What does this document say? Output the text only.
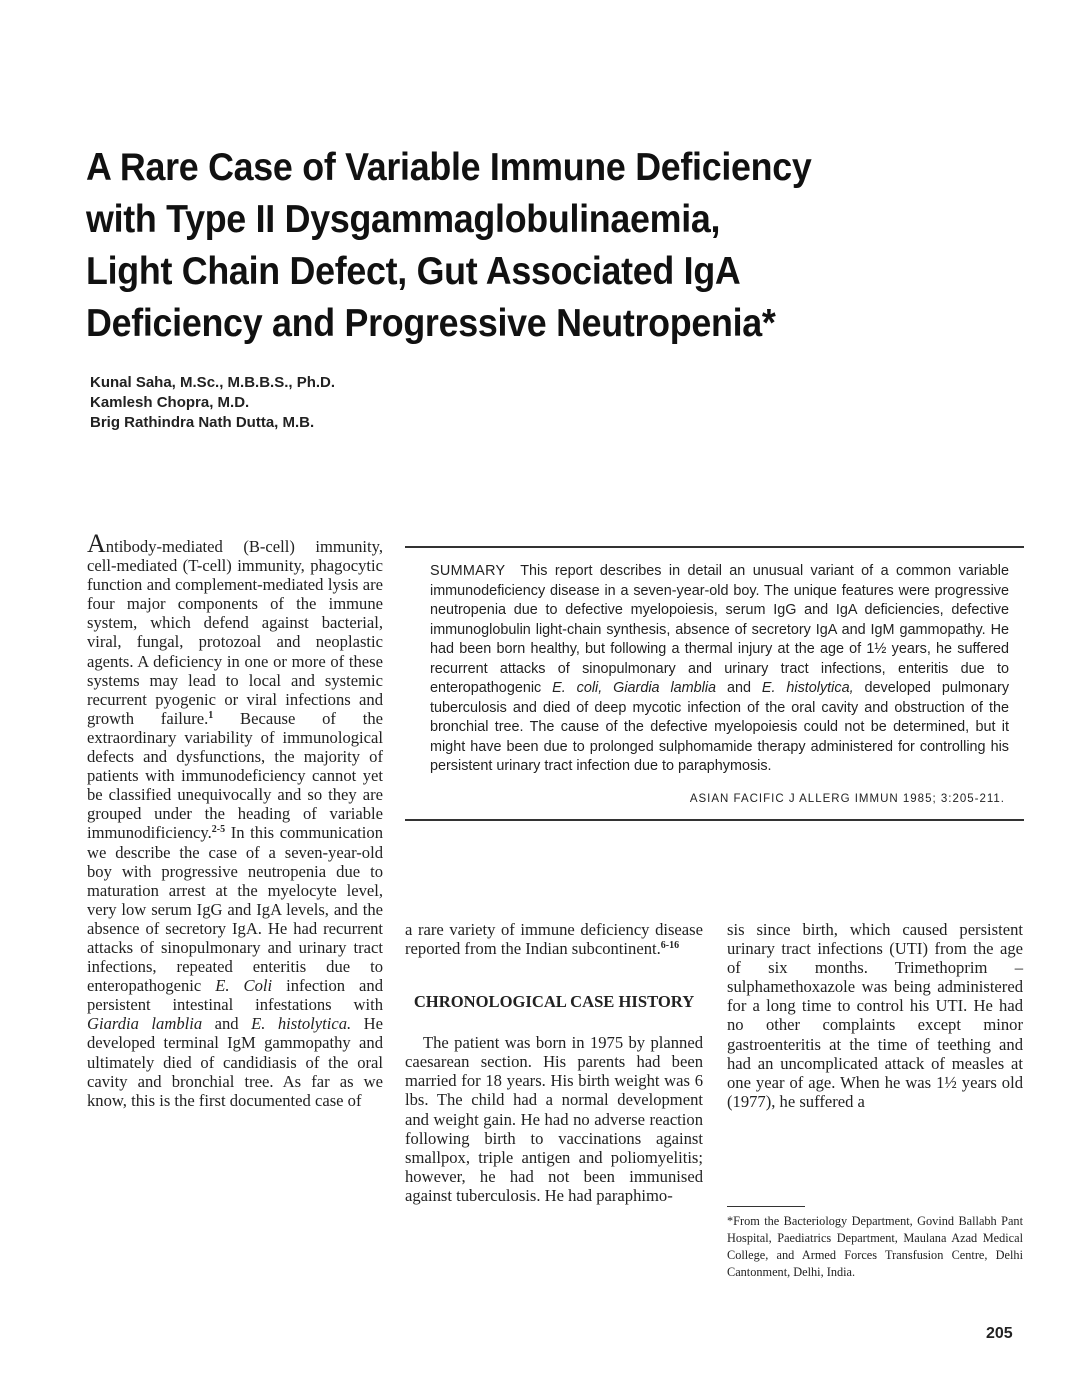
A Rare Case of Variable Immune Deficiency
with Type II Dysgammaglobulinaemia,
Light Chain Defect, Gut Associated IgA
Deficiency and Progressive Neutropenia*
Kunal Saha, M.Sc., M.B.B.S., Ph.D.
Kamlesh Chopra, M.D.
Brig Rathindra Nath Dutta, M.B.

SUMMARY This report describes in detail an unusual variant of a common variable immunodeficiency disease in a seven-year-old boy. The unique features were progressive neutropenia due to defective myelopoiesis, serum IgG and IgA deficiencies, defective immunoglobulin light-chain synthesis, absence of secretory IgA and IgM gammopathy. He had been born healthy, but following a thermal injury at the age of 1½ years, he suffered recurrent attacks of sinopulmonary and urinary tract infections, enteritis due to enteropathogenic E. coli, Giardia lamblia and E. histolytica, developed pulmonary tuberculosis and died of deep mycotic infection of the oral cavity and obstruction of the bronchial tree. The cause of the defective myelopoiesis could not be determined, but it might have been due to prolonged sulphomamide therapy administered for controlling his persistent urinary tract infection due to paraphymosis.

ASIAN FACIFIC J ALLERG IMMUN 1985; 3:205-211.

Antibody-mediated (B-cell) immunity, cell-mediated (T-cell) immunity, phagocytic function and complement-mediated lysis are four major components of the immune system, which defend against bacterial, viral, fungal, protozoal and neoplastic agents. A deficiency in one or more of these systems may lead to local and systemic recurrent pyogenic or viral infections and growth failure.$^1$ Because of the extraordinary variability of immunological defects and dysfunctions, the majority of patients with immunodeficiency cannot yet be classified unequivocally and so they are grouped under the heading of variable immunodificiency.$^{2-5}$ In this communication we describe the case of a seven-year-old boy with progressive neutropenia due to maturation arrest at the myelocyte level, very low serum IgG and IgA levels, and the absence of secretory IgA. He had recurrent attacks of sinopulmonary and urinary tract infections, repeated enteritis due to enteropathogenic E. Coli infection and persistent intestinal infestations with Giardia lamblia and E. histolytica. He developed terminal IgM gammopathy and ultimately died of candidiasis of the oral cavity and bronchial tree. As far as we know, this is the first documented case of

a rare variety of immune deficiency disease reported from the Indian subcontinent.$^{6-16}$

CHRONOLOGICAL CASE HISTORY

The patient was born in 1975 by planned caesarean section. His parents had been married for 18 years. His birth weight was 6 lbs. The child had a normal development and weight gain. He had no adverse reaction following birth to vaccinations against smallpox, triple antigen and poliomyelitis; however, he had not been immunised against tuberculosis. He had paraphimo-

sis since birth, which caused persistent urinary tract infections (UTI) from the age of six months. Trimethoprim – sulphamethoxazole was being administered for a long time to control his UTI. He had no other complaints except minor gastroenteritis at the time of teething and had an uncomplicated attack of measles at one year of age. When he was 1½ years old (1977), he suffered a

*From the Bacteriology Department, Govind Ballabh Pant Hospital, Paediatrics Department, Maulana Azad Medical College, and Armed Forces Transfusion Centre, Delhi Cantonment, Delhi, India.
205
